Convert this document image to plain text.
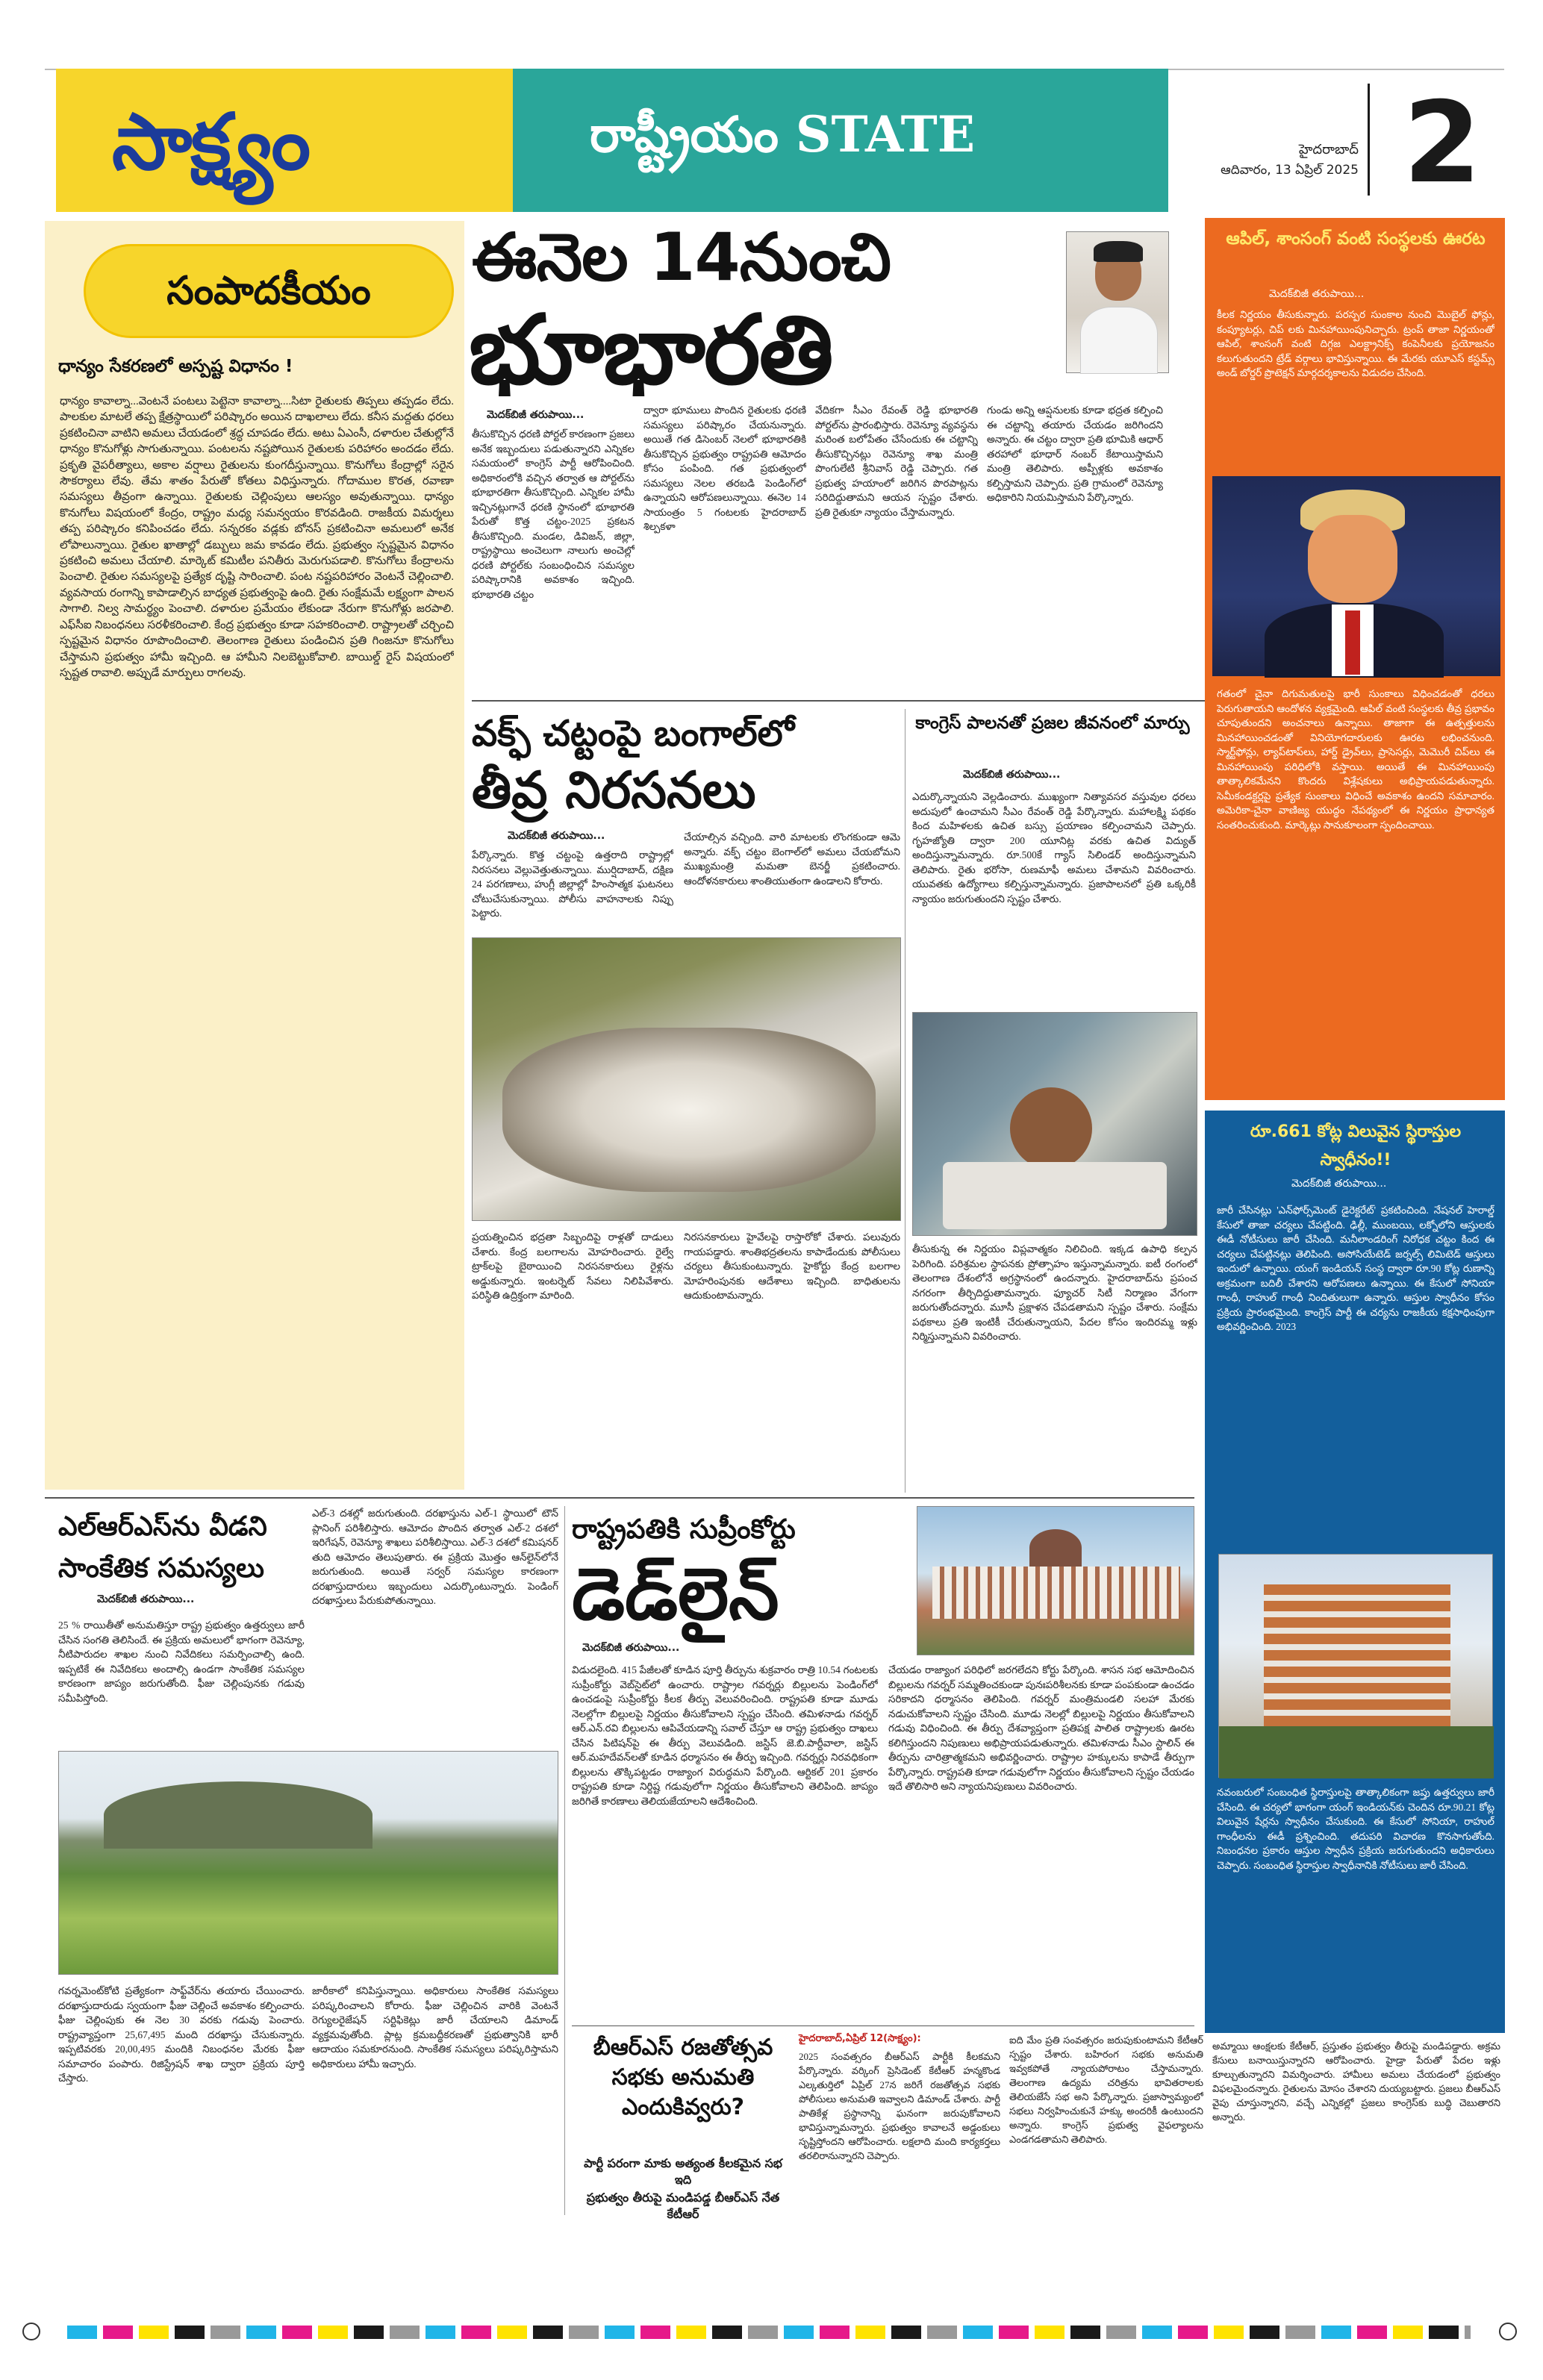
సాక్ష్యం	రాష్ట్రీయం STATE	హైదరాబాద్
ఆదివారం, 13 ఏప్రిల్ 2025 2
సంపాదకీయం
ధాన్యం సేకరణలో అస్పష్ట విధానం !
ధాన్యం కావాల్నా...వెంటనే పంటలు పెట్టెనా కావాల్నా....సిటా రైతులకు తిప్పలు తప్పడం లేదు. పాలకుల మాటలే తప్ప క్షేత్రస్థాయిలో పరిష్కారం అయిన దాఖలాలు లేదు. కనీస మద్దతు ధరలు ప్రకటించినా వాటిని అమలు చేయడంలో శ్రద్ధ చూపడం లేదు. అటు ఏఎంసీ, దళారుల చేతుల్లోనే ధాన్యం కొనుగోళ్లు సాగుతున్నాయి. పంటలను నష్టపోయిన రైతులకు పరిహారం అందడం లేదు. ప్రకృతి వైపరీత్యాలు, అకాల వర్షాలు రైతులను కుంగదీస్తున్నాయి. కొనుగోలు కేంద్రాల్లో సరైన సౌకర్యాలు లేవు. తేమ శాతం పేరుతో కోతలు విధిస్తున్నారు. గోదాముల కొరత, రవాణా సమస్యలు తీవ్రంగా ఉన్నాయి. రైతులకు చెల్లింపులు ఆలస్యం అవుతున్నాయి. ధాన్యం కొనుగోలు విషయంలో కేంద్రం, రాష్ట్రం మధ్య సమన్వయం కొరవడింది. రాజకీయ విమర్శలు తప్ప పరిష్కారం కనిపించడం లేదు. సన్నరకం వడ్లకు బోనస్ ప్రకటించినా అమలులో అనేక లోపాలున్నాయి. రైతుల ఖాతాల్లో డబ్బులు జమ కావడం లేదు. ప్రభుత్వం స్పష్టమైన విధానం ప్రకటించి అమలు చేయాలి. మార్కెట్ కమిటీల పనితీరు మెరుగుపడాలి. కొనుగోలు కేంద్రాలను పెంచాలి. రైతుల సమస్యలపై ప్రత్యేక దృష్టి సారించాలి. పంట నష్టపరిహారం వెంటనే చెల్లించాలి. వ్యవసాయ రంగాన్ని కాపాడాల్సిన బాధ్యత ప్రభుత్వంపై ఉంది. రైతు సంక్షేమమే లక్ష్యంగా పాలన సాగాలి. నిల్వ సామర్థ్యం పెంచాలి. దళారుల ప్రమేయం లేకుండా నేరుగా కొనుగోళ్లు జరపాలి. ఎఫ్‌సీఐ నిబంధనలు సరళీకరించాలి. కేంద్ర ప్రభుత్వం కూడా సహకరించాలి. రాష్ట్రాలతో చర్చించి స్పష్టమైన విధానం రూపొందించాలి. తెలంగాణ రైతులు పండించిన ప్రతి గింజనూ కొనుగోలు చేస్తామని ప్రభుత్వం హామీ ఇచ్చింది. ఆ హామీని నిలబెట్టుకోవాలి. బాయిల్డ్ రైస్ విషయంలో స్పష్టత రావాలి. అప్పుడే మార్పులు రాగలవు.
ఈనెల 14నుంచి
భూభారతి
మెదక్‌బిజీ తరుపాయి...
తీసుకొచ్చిన ధరణి పోర్టల్ కారణంగా ప్రజలు అనేక ఇబ్బందులు పడుతున్నారని ఎన్నికల సమయంలో కాంగ్రెస్ పార్టీ ఆరోపించింది. అధికారంలోకి వచ్చిన తర్వాత ఆ పోర్టల్‌ను భూభారతిగా తీసుకొచ్చింది. ఎన్నికల హామీ ఇచ్చినట్లుగానే ధరణి స్థానంలో భూభారతి పేరుతో కొత్త చట్టం-2025 ప్రకటన తీసుకొచ్చింది. మండల, డివిజన్, జిల్లా, రాష్ట్రస్థాయి అంచెలుగా నాలుగు అంచెల్లో ధరణి పోర్టల్‌కు సంబంధించిన సమస్యల పరిష్కారానికి అవకాశం ఇచ్చింది. భూభారతి చట్టం
ద్వారా భూములు పొందిన రైతులకు ధరణి సమస్యలు పరిష్కారం చేయనున్నారు. అయితే గత డిసెంబర్ నెలలో భూభారతికి తీసుకొచ్చిన ప్రభుత్వం రాష్ట్రపతి ఆమోదం కోసం పంపింది. గత ప్రభుత్వంలో సమస్యలు నెలల తరబడి పెండింగ్‌లో ఉన్నాయని ఆరోపణలున్నాయి. ఈనెల 14 సాయంత్రం 5 గంటలకు హైదరాబాద్ శిల్పకళా
వేదికగా సీఎం రేవంత్ రెడ్డి భూభారతి పోర్టల్‌ను ప్రారంభిస్తారు. రెవెన్యూ వ్యవస్థను మరింత బలోపేతం చేసేందుకు ఈ చట్టాన్ని తీసుకొచ్చినట్లు రెవెన్యూ శాఖ మంత్రి పొంగులేటి శ్రీనివాస్ రెడ్డి చెప్పారు. గత ప్రభుత్వ హయాంలో జరిగిన పొరపాట్లను సరిదిద్దుతామని ఆయన స్పష్టం చేశారు. ప్రతి రైతుకూ న్యాయం చేస్తామన్నారు.
గుండు అన్ని ఆప్షనులకు కూడా భద్రత కల్పించి ఈ చట్టాన్ని తయారు చేయడం జరిగిందని అన్నారు. ఈ చట్టం ద్వారా ప్రతి భూమికి ఆధార్ తరహాలో భూధార్ నంబర్ కేటాయిస్తామని మంత్రి తెలిపారు. అప్పీళ్లకు అవకాశం కల్పిస్తామని చెప్పారు. ప్రతి గ్రామంలో రెవెన్యూ అధికారిని నియమిస్తామని పేర్కొన్నారు.
వక్ఫ్ చట్టంపై బంగాల్‌లో
తీవ్ర నిరసనలు
మెదక్‌బిజీ తరుపాయి...
పేర్కొన్నారు. కొత్త చట్టంపై ఉత్తరాది రాష్ట్రాల్లో నిరసనలు వెల్లువెత్తుతున్నాయి. ముర్షిదాబాద్, దక్షిణ 24 పరగణాలు, హుగ్లీ జిల్లాల్లో హింసాత్మక ఘటనలు చోటుచేసుకున్నాయి. పోలీసు వాహనాలకు నిప్పు పెట్టారు.
చేయాల్సిన వచ్చింది. వారి మాటలకు లొంగకుండా ఆమె అన్నారు. వక్ఫ్ చట్టం బెంగాల్‌లో అమలు చేయబోమని ముఖ్యమంత్రి మమతా బెనర్జీ ప్రకటించారు. ఆందోళనకారులు శాంతియుతంగా ఉండాలని కోరారు.
ప్రయత్నించిన భద్రతా సిబ్బందిపై రాళ్లతో దాడులు చేశారు. కేంద్ర బలగాలను మోహరించారు. రైల్వే ట్రాక్‌లపై బైఠాయించి నిరసనకారులు రైళ్లను అడ్డుకున్నారు. ఇంటర్నెట్ సేవలు నిలిపివేశారు. పరిస్థితి ఉద్రిక్తంగా మారింది.
నిరసనకారులు హైవేలపై రాస్తారోకో చేశారు. పలువురు గాయపడ్డారు. శాంతిభద్రతలను కాపాడేందుకు పోలీసులు చర్యలు తీసుకుంటున్నారు. హైకోర్టు కేంద్ర బలగాల మోహరింపునకు ఆదేశాలు ఇచ్చింది. బాధితులను ఆదుకుంటామన్నారు.
కాంగ్రెస్ పాలనతో ప్రజల జీవనంలో మార్పు
మెదక్‌బిజీ తరుపాయి...
ఎదుర్కొన్నాయని వెల్లడించారు. ముఖ్యంగా నిత్యావసర వస్తువుల ధరలు అదుపులో ఉంచామని సీఎం రేవంత్ రెడ్డి పేర్కొన్నారు. మహాలక్ష్మి పథకం కింద మహిళలకు ఉచిత బస్సు ప్రయాణం కల్పించామని చెప్పారు. గృహజ్యోతి ద్వారా 200 యూనిట్ల వరకు ఉచిత విద్యుత్ అందిస్తున్నామన్నారు. రూ.500కే గ్యాస్ సిలిండర్ అందిస్తున్నామని తెలిపారు. రైతు భరోసా, రుణమాఫీ అమలు చేశామని వివరించారు. యువతకు ఉద్యోగాలు కల్పిస్తున్నామన్నారు. ప్రజాపాలనలో ప్రతి ఒక్కరికీ న్యాయం జరుగుతుందని స్పష్టం చేశారు.
తీసుకున్న ఈ నిర్ణయం విప్లవాత్మకం నిలిచింది. ఇక్కడ ఉపాధి కల్పన పెరిగింది. పరిశ్రమల స్థాపనకు ప్రోత్సాహం ఇస్తున్నామన్నారు. ఐటీ రంగంలో తెలంగాణ దేశంలోనే అగ్రస్థానంలో ఉందన్నారు. హైదరాబాద్‌ను ప్రపంచ నగరంగా తీర్చిదిద్దుతామన్నారు. ఫ్యూచర్ సిటీ నిర్మాణం వేగంగా జరుగుతోందన్నారు. మూసీ ప్రక్షాళన చేపడతామని స్పష్టం చేశారు. సంక్షేమ పథకాలు ప్రతి ఇంటికీ చేరుతున్నాయని, పేదల కోసం ఇందిరమ్మ ఇళ్లు నిర్మిస్తున్నామని వివరించారు.
ఆపిల్, శాంసంగ్ వంటి సంస్థలకు ఊరట
మెదక్‌బిజీ తరుపాయి...
కీలక నిర్ణయం తీసుకున్నారు. పరస్పర సుంకాల నుంచి మొబైల్ ఫోన్లు, కంప్యూటర్లు, చిప్ లకు మినహాయింపునిచ్చారు. ట్రంప్ తాజా నిర్ణయంతో ఆపిల్, శాంసంగ్ వంటి దిగ్గజ ఎలక్ట్రానిక్స్ కంపెనీలకు ప్రయోజనం కలుగుతుందని ట్రేడ్ వర్గాలు భావిస్తున్నాయి. ఈ మేరకు యూఎస్ కస్టమ్స్ అండ్ బోర్డర్ ప్రొటెక్షన్ మార్గదర్శకాలను విడుదల చేసింది.
గతంలో చైనా దిగుమతులపై భారీ సుంకాలు విధించడంతో ధరలు పెరుగుతాయని ఆందోళన వ్యక్తమైంది. ఆపిల్ వంటి సంస్థలకు తీవ్ర ప్రభావం చూపుతుందని అంచనాలు ఉన్నాయి. తాజాగా ఈ ఉత్పత్తులను మినహాయించడంతో వినియోగదారులకు ఊరట లభించనుంది. స్మార్ట్‌ఫోన్లు, ల్యాప్‌టాప్‌లు, హార్డ్ డ్రైవ్‌లు, ప్రాసెసర్లు, మెమొరీ చిప్‌లు ఈ మినహాయింపు పరిధిలోకి వస్తాయి. అయితే ఈ మినహాయింపు తాత్కాలికమేనని కొందరు విశ్లేషకులు అభిప్రాయపడుతున్నారు. సెమీకండక్టర్లపై ప్రత్యేక సుంకాలు విధించే అవకాశం ఉందని సమాచారం. అమెరికా-చైనా వాణిజ్య యుద్ధం నేపథ్యంలో ఈ నిర్ణయం ప్రాధాన్యత సంతరించుకుంది. మార్కెట్లు సానుకూలంగా స్పందించాయి.
రూ.661 కోట్ల విలువైన స్థిరాస్తుల స్వాధీనం!!
మెదక్‌బిజీ తరుపాయి...
జారీ చేసినట్లు 'ఎన్‌ఫోర్స్‌మెంట్ డైరెక్టరేట్' ప్రకటించింది. నేషనల్ హెరాల్డ్ కేసులో తాజా చర్యలు చేపట్టింది. ఢిల్లీ, ముంబయి, లక్నోలోని ఆస్తులకు ఈడీ నోటీసులు జారీ చేసింది. మనీలాండరింగ్ నిరోధక చట్టం కింద ఈ చర్యలు చేపట్టినట్లు తెలిపింది. అసోసియేటెడ్ జర్నల్స్ లిమిటెడ్ ఆస్తులు ఇందులో ఉన్నాయి. యంగ్ ఇండియన్ సంస్థ ద్వారా రూ.90 కోట్ల రుణాన్ని అక్రమంగా బదిలీ చేశారని ఆరోపణలు ఉన్నాయి. ఈ కేసులో సోనియా గాంధీ, రాహుల్ గాంధీ నిందితులుగా ఉన్నారు. ఆస్తుల స్వాధీనం కోసం ప్రక్రియ ప్రారంభమైంది. కాంగ్రెస్ పార్టీ ఈ చర్యను రాజకీయ కక్షసాధింపుగా అభివర్ణించింది. 2023
నవంబరులో సంబంధిత స్థిరాస్తులపై తాత్కాలికంగా జప్తు ఉత్తర్వులు జారీ చేసింది. ఈ చర్యలో భాగంగా యంగ్ ఇండియన్‌కు చెందిన రూ.90.21 కోట్ల విలువైన షేర్లను స్వాధీనం చేసుకుంది. ఈ కేసులో సోనియా, రాహుల్ గాంధీలను ఈడీ ప్రశ్నించింది. తదుపరి విచారణ కొనసాగుతోంది. నిబంధనల ప్రకారం ఆస్తుల స్వాధీన ప్రక్రియ జరుగుతుందని అధికారులు చెప్పారు. సంబంధిత స్థిరాస్తుల స్వాధీనానికి నోటీసులు జారీ చేసింది.
ఎల్ఆర్ఎస్‌ను వీడని సాంకేతిక సమస్యలు
మెదక్‌బిజీ తరుపాయి...
25 % రాయితీతో అనుమతిస్తూ రాష్ట్ర ప్రభుత్వం ఉత్తర్వులు జారీ చేసిన సంగతి తెలిసిందే. ఈ ప్రక్రియ అమలులో భాగంగా రెవెన్యూ, నీటిపారుదల శాఖల నుంచి నివేదికలు సమర్పించాల్సి ఉంది. ఇప్పటికే ఈ నివేదికలు అందాల్సి ఉండగా సాంకేతిక సమస్యల కారణంగా జాప్యం జరుగుతోంది. ఫీజు చెల్లింపునకు గడువు సమీపిస్తోంది.
ఎల్-3 దశల్లో జరుగుతుంది. దరఖాస్తును ఎల్-1 స్థాయిలో టౌన్ ప్లానింగ్ పరిశీలిస్తారు. ఆమోదం పొందిన తర్వాత ఎల్-2 దశలో ఇరిగేషన్, రెవెన్యూ శాఖలు పరిశీలిస్తాయి. ఎల్-3 దశలో కమిషనర్ తుది ఆమోదం తెలుపుతారు. ఈ ప్రక్రియ మొత్తం ఆన్‌లైన్‌లోనే జరుగుతుంది. అయితే సర్వర్ సమస్యల కారణంగా దరఖాస్తుదారులు ఇబ్బందులు ఎదుర్కొంటున్నారు. పెండింగ్ దరఖాస్తులు పేరుకుపోతున్నాయి.
గవర్నమెంట్‌కోటి ప్రత్యేకంగా సాఫ్ట్‌వేర్‌ను తయారు చేయించారు. దరఖాస్తుదారుడు స్వయంగా ఫీజు చెల్లించే అవకాశం కల్పించారు. ఫీజు చెల్లింపుకు ఈ నెల 30 వరకు గడువు పెంచారు. రాష్ట్రవ్యాప్తంగా 25,67,495 మంది దరఖాస్తు చేసుకున్నారు. ఇప్పటివరకు 20,00,495 మందికి నిబంధనల మేరకు ఫీజు సమాచారం పంపారు. రిజిస్ట్రేషన్ శాఖ ద్వారా ప్రక్రియ పూర్తి చేస్తారు.
జారీకాలో కనిపిస్తున్నాయి. అధికారులు సాంకేతిక సమస్యలు పరిష్కరించాలని కోరారు. ఫీజు చెల్లించిన వారికి వెంటనే రెగ్యులరైజేషన్ సర్టిఫికెట్లు జారీ చేయాలని డిమాండ్ వ్యక్తమవుతోంది. ప్లాట్ల క్రమబద్ధీకరణతో ప్రభుత్వానికి భారీ ఆదాయం సమకూరనుంది. సాంకేతిక సమస్యలు పరిష్కరిస్తామని అధికారులు హామీ ఇచ్చారు.
రాష్ట్రపతికి సుప్రీంకోర్టు
డెడ్‌లైన్
మెదక్‌బిజీ తరుపాయి...
విడుదలైంది. 415 పేజీలతో కూడిన పూర్తి తీర్పును శుక్రవారం రాత్రి 10.54 గంటలకు సుప్రీంకోర్టు వెబ్‌సైట్‌లో ఉంచారు. రాష్ట్రాల గవర్నర్లు బిల్లులను పెండింగ్‌లో ఉంచడంపై సుప్రీంకోర్టు కీలక తీర్పు వెలువరించింది. రాష్ట్రపతి కూడా మూడు నెలల్లోగా బిల్లులపై నిర్ణయం తీసుకోవాలని స్పష్టం చేసింది. తమిళనాడు గవర్నర్ ఆర్.ఎన్.రవి బిల్లులను ఆపివేయడాన్ని సవాల్ చేస్తూ ఆ రాష్ట్ర ప్రభుత్వం దాఖలు చేసిన పిటిషన్‌పై ఈ తీర్పు వెలువడింది. జస్టిస్ జె.బి.పార్దీవాలా, జస్టిస్ ఆర్.మహదేవన్‌లతో కూడిన ధర్మాసనం ఈ తీర్పు ఇచ్చింది. గవర్నర్లు నిరవధికంగా బిల్లులను తొక్కిపట్టడం రాజ్యాంగ విరుద్ధమని పేర్కొంది. ఆర్టికల్ 201 ప్రకారం రాష్ట్రపతి కూడా నిర్దిష్ట గడువులోగా నిర్ణయం తీసుకోవాలని తెలిపింది. జాప్యం జరిగితే కారణాలు తెలియజేయాలని ఆదేశించింది.
చేయడం రాజ్యాంగ పరిధిలో జరగలేదని కోర్టు పేర్కొంది. శాసన సభ ఆమోదించిన బిల్లులను గవర్నర్ సమ్మతించకుండా పునఃపరిశీలనకు కూడా పంపకుండా ఉంచడం సరికాదని ధర్మాసనం తెలిపింది. గవర్నర్ మంత్రిమండలి సలహా మేరకు నడుచుకోవాలని స్పష్టం చేసింది. మూడు నెలల్లో బిల్లులపై నిర్ణయం తీసుకోవాలని గడువు విధించింది. ఈ తీర్పు దేశవ్యాప్తంగా ప్రతిపక్ష పాలిత రాష్ట్రాలకు ఊరట కలిగిస్తుందని నిపుణులు అభిప్రాయపడుతున్నారు. తమిళనాడు సీఎం స్టాలిన్ ఈ తీర్పును చారిత్రాత్మకమని అభివర్ణించారు. రాష్ట్రాల హక్కులను కాపాడే తీర్పుగా పేర్కొన్నారు. రాష్ట్రపతి కూడా గడువులోగా నిర్ణయం తీసుకోవాలని స్పష్టం చేయడం ఇదే తొలిసారి అని న్యాయనిపుణులు వివరించారు.
బీఆర్ఎస్ రజతోత్సవ సభకు అనుమతి ఎందుకివ్వరు?
పార్టీ పరంగా మాకు అత్యంత కీలకమైన సభ ఇది
ప్రభుత్వం తీరుపై మండిపడ్డ బీఆర్ఎస్ నేత కేటీఆర్
హైదరాబాద్,ఏప్రిల్ 12(సాక్ష్యం):
2025 సంవత్సరం బీఆర్ఎస్ పార్టీకి కీలకమని పేర్కొన్నారు. వర్కింగ్ ప్రెసిడెంట్ కేటీఆర్ హన్మకొండ ఎల్కతుర్తిలో ఏప్రిల్ 27న జరిగే రజతోత్సవ సభకు పోలీసులు అనుమతి ఇవ్వాలని డిమాండ్ చేశారు. పార్టీ పాతికేళ్ల ప్రస్థానాన్ని ఘనంగా జరుపుకోవాలని భావిస్తున్నామన్నారు. ప్రభుత్వం కావాలనే అడ్డంకులు సృష్టిస్తోందని ఆరోపించారు. లక్షలాది మంది కార్యకర్తలు తరలిరానున్నారని చెప్పారు.
ఐది మేం ప్రతి సంవత్సరం జరుపుకుంటామని కేటీఆర్ స్పష్టం చేశారు. బహిరంగ సభకు అనుమతి ఇవ్వకపోతే న్యాయపోరాటం చేస్తామన్నారు. తెలంగాణ ఉద్యమ చరిత్రను భావితరాలకు తెలియజేసే సభ అని పేర్కొన్నారు. ప్రజాస్వామ్యంలో సభలు నిర్వహించుకునే హక్కు అందరికీ ఉంటుందని అన్నారు. కాంగ్రెస్ ప్రభుత్వ వైఫల్యాలను ఎండగడతామని తెలిపారు.
అమ్మాయి ఆంక్షలకు కేటీఆర్, ప్రస్తుతం ప్రభుత్వం తీరుపై మండిపడ్డారు. అక్రమ కేసులు బనాయిస్తున్నారని ఆరోపించారు. హైడ్రా పేరుతో పేదల ఇళ్లు కూల్చుతున్నారని విమర్శించారు. హామీలు అమలు చేయడంలో ప్రభుత్వం విఫలమైందన్నారు. రైతులను మోసం చేశారని దుయ్యబట్టారు. ప్రజలు బీఆర్ఎస్ వైపు చూస్తున్నారని, వచ్చే ఎన్నికల్లో ప్రజలు కాంగ్రెస్‌కు బుద్ధి చెబుతారని అన్నారు.
